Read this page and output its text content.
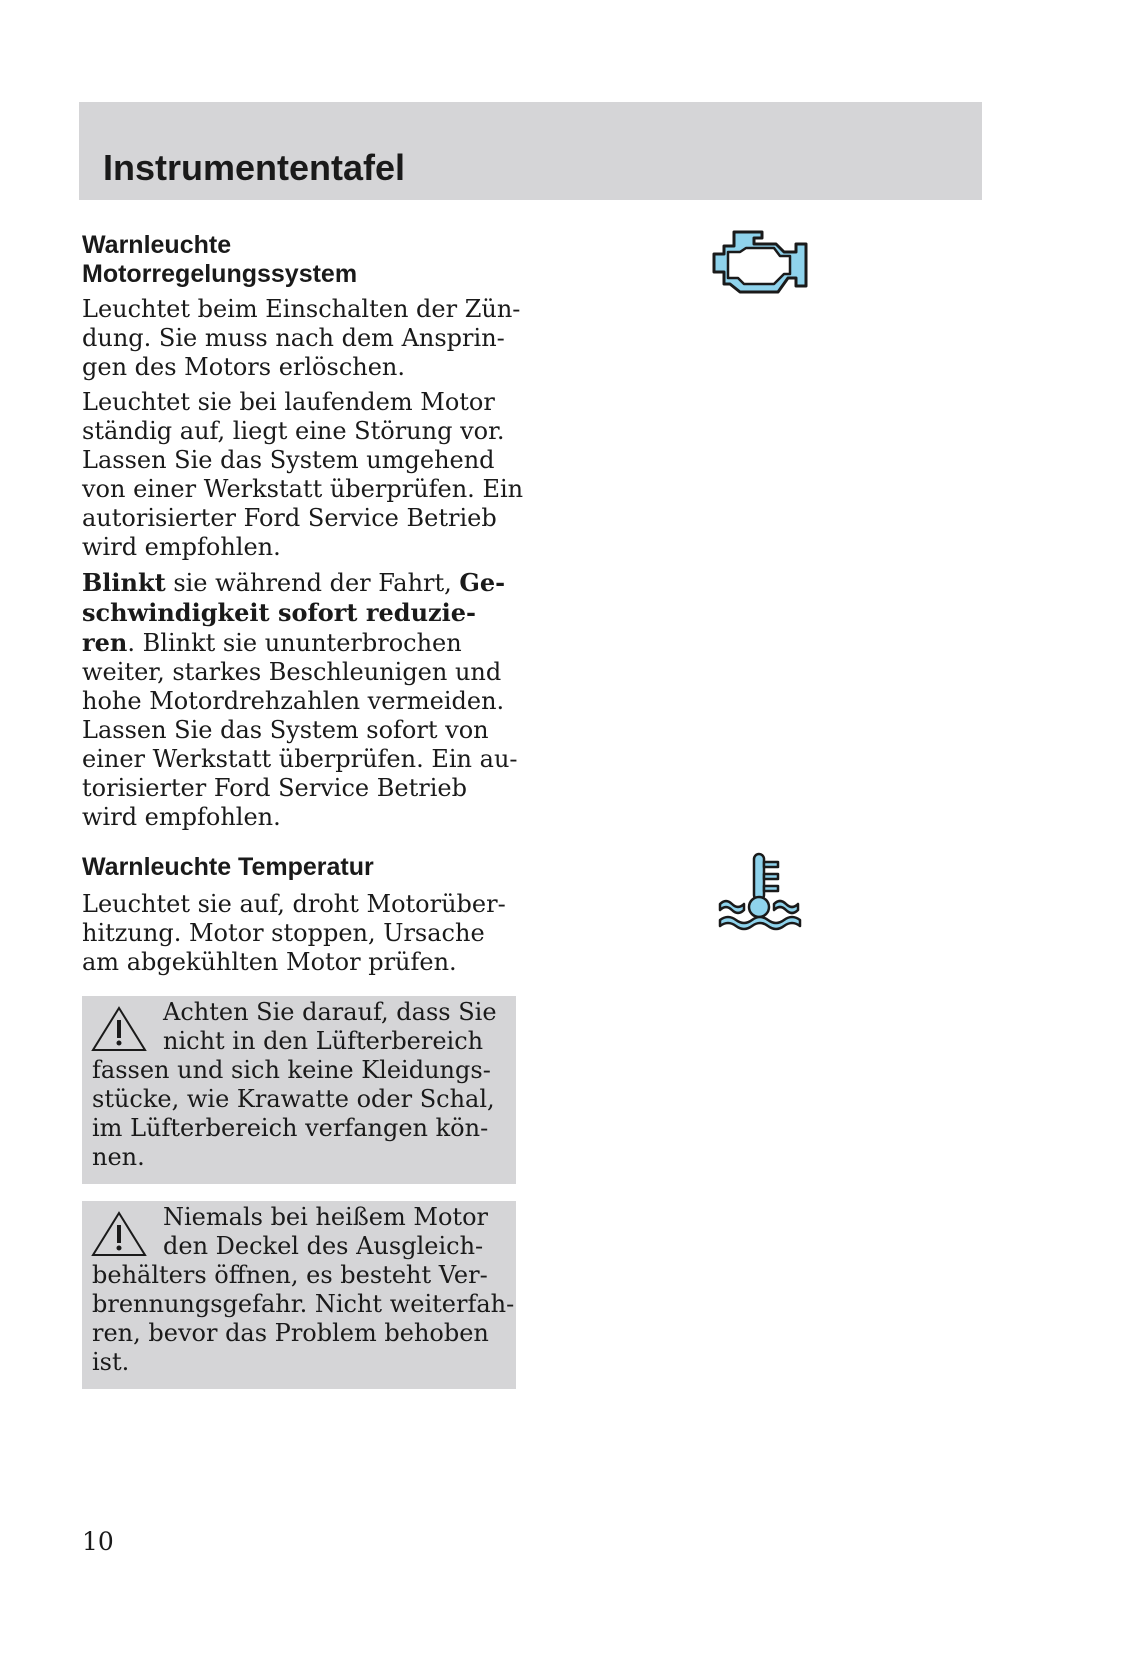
Instrumententafel
Warnleuchte
Motorregelungssystem
Leuchtet beim Einschalten der Zün-
dung. Sie muss nach dem Ansprin-
gen des Motors erlöschen.
Leuchtet sie bei laufendem Motor
ständig auf, liegt eine Störung vor.
Lassen Sie das System umgehend
von einer Werkstatt überprüfen. Ein
autorisierter Ford Service Betrieb
wird empfohlen.
Blinkt sie während der Fahrt, Ge-
schwindigkeit sofort reduzie-
ren. Blinkt sie ununterbrochen
weiter, starkes Beschleunigen und
hohe Motordrehzahlen vermeiden.
Lassen Sie das System sofort von
einer Werkstatt überprüfen. Ein au-
torisierter Ford Service Betrieb
wird empfohlen.
Warnleuchte Temperatur
Leuchtet sie auf, droht Motorüber-
hitzung. Motor stoppen, Ursache
am abgekühlten Motor prüfen.
Achten Sie darauf, dass Sie
nicht in den Lüfterbereich
fassen und sich keine Kleidungs-
stücke, wie Krawatte oder Schal,
im Lüfterbereich verfangen kön-
nen.
Niemals bei heißem Motor
den Deckel des Ausgleich-
behälters öffnen, es besteht Ver-
brennungsgefahr. Nicht weiterfah-
ren, bevor das Problem behoben
ist.
10
